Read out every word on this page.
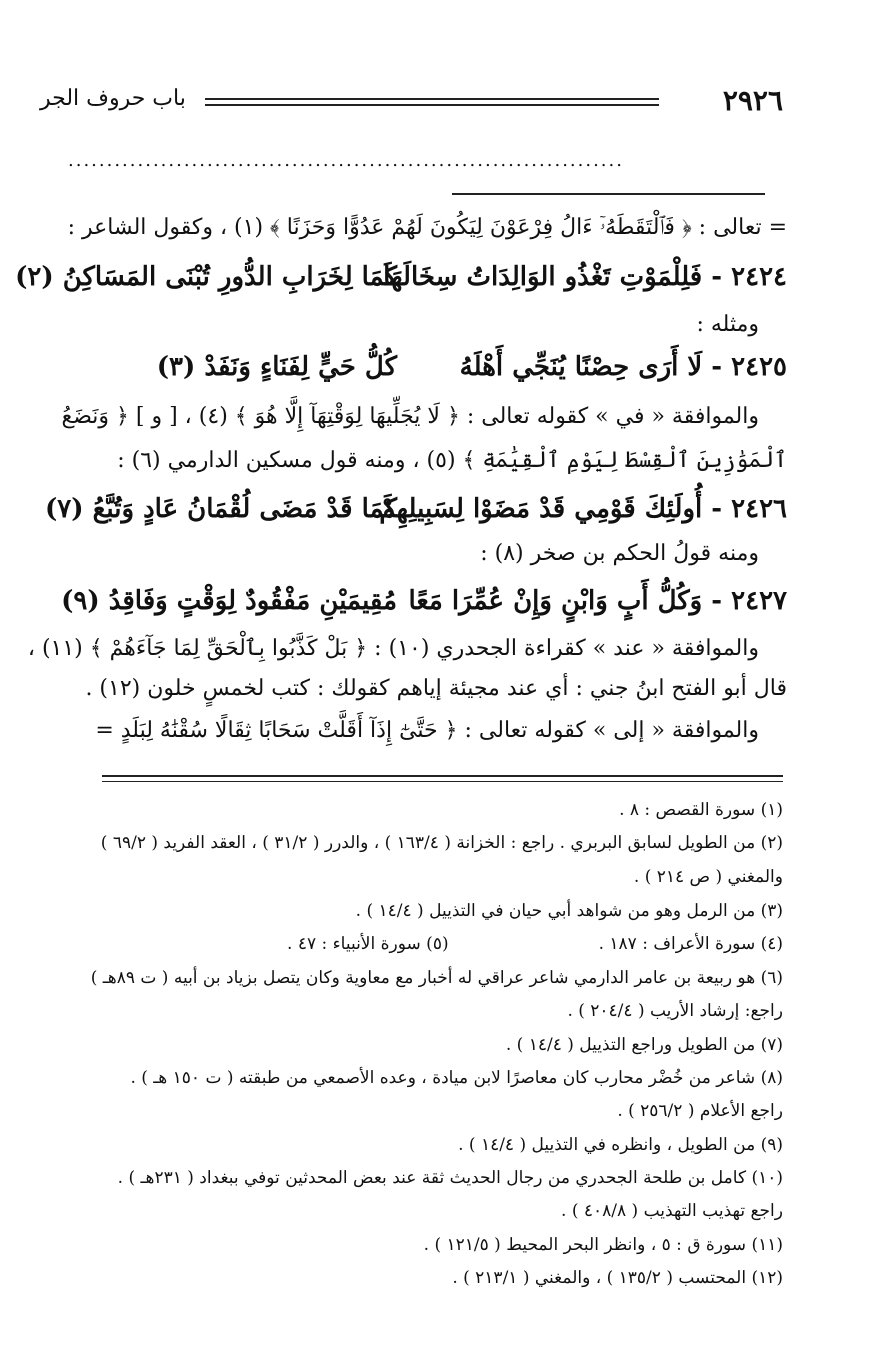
٢٩٢٦
باب حروف الجر
........................................................................
= تعالى : ﴿ فَٱلْتَقَطَهُۥٓ ءَالُ فِرْعَوْنَ لِيَكُونَ لَهُمْ عَدُوًّا وَحَزَنًا ﴾ (١) ، وكقول الشاعر :
٢٤٢٤ - فَلِلْمَوْتِ تَغْذُو الوَالِدَاتُ سِخَالَهَا
كَمَا لِخَرَابِ الدُّورِ تُبْنَى المَسَاكِنُ (٢)
ومثله :
٢٤٢٥ - لَا أَرَى حِصْنًا يُنَجِّي أَهْلَهُ
كُلُّ حَيٍّ لِفَنَاءٍ وَنَفَدْ (٣)
والموافقة « في » كقوله تعالى : ﴿ لَا يُجَلِّيهَا لِوَقْتِهَآ إِلَّا هُوَ ﴾ (٤) ، [ و ] ﴿ وَنَضَعُ
ٱلْمَوَٰزِينَ ٱلْقِسْطَ لِيَوْمِ ٱلْقِيَٰمَةِ ﴾ (٥) ، ومنه قول مسكين الدارمي (٦) :
٢٤٢٦ - أُولَئِكَ قَوْمِي قَدْ مَضَوْا لِسَبِيلِهِمْ
كَمَا قَدْ مَضَى لُقْمَانُ عَادٍ وَتُبَّعُ (٧)
ومنه قولُ الحكم بن صخر (٨) :
٢٤٢٧ - وَكُلُّ أَبٍ وَابْنٍ وَإِنْ عُمِّرَا مَعًا
مُقِيمَيْنِ مَفْقُودٌ لِوَقْتٍ وَفَاقِدُ (٩)
والموافقة « عند » كقراءة الجحدري (١٠) : ﴿ بَلْ كَذَّبُوا بِٱلْحَقِّ لِمَا جَآءَهُمْ ﴾ (١١) ،
قال أبو الفتح ابنُ جني : أي عند مجيئة إياهم كقولك : كتب لخمسٍ خلون (١٢) .
والموافقة « إلى » كقوله تعالى : ﴿ حَتَّىٰٓ إِذَآ أَقَلَّتْ سَحَابًا ثِقَالًا سُقْنَٰهُ لِبَلَدٍ =
(١) سورة القصص : ٨ .
(٢) من الطويل لسابق البربري . راجع : الخزانة ( ١٦٣/٤ ) ، والدرر ( ٣١/٢ ) ، العقد الفريد ( ٦٩/٢ )
والمغني ( ص ٢١٤ ) .
(٣) من الرمل وهو من شواهد أبي حيان في التذييل ( ١٤/٤ ) .
(٤) سورة الأعراف : ١٨٧ .(٥) سورة الأنبياء : ٤٧ .
(٦) هو ربيعة بن عامر الدارمي شاعر عراقي له أخبار مع معاوية وكان يتصل بزياد بن أبيه ( ت ٨٩هـ )
راجع: إرشاد الأريب ( ٢٠٤/٤ ) .
(٧) من الطويل وراجع التذييل ( ١٤/٤ ) .
(٨) شاعر من خُضْر محارب كان معاصرًا لابن ميادة ، وعده الأصمعي من طبقته ( ت ١٥٠ هـ ) .
راجع الأعلام ( ٢٥٦/٢ ) .
(٩) من الطويل ، وانظره في التذييل ( ١٤/٤ ) .
(١٠) كامل بن طلحة الجحدري من رجال الحديث ثقة عند بعض المحدثين توفي ببغداد ( ٢٣١هـ ) .
راجع تهذيب التهذيب ( ٤٠٨/٨ ) .
(١١) سورة ق : ٥ ، وانظر البحر المحيط ( ١٢١/٥ ) .
(١٢) المحتسب ( ١٣٥/٢ ) ، والمغني ( ٢١٣/١ ) .
